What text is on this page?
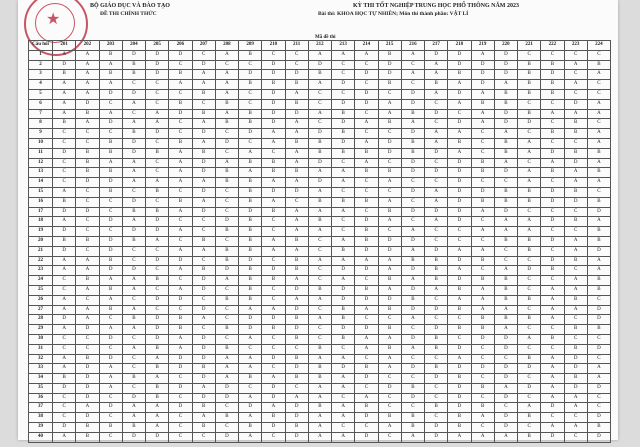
★
BỘ GIÁO DỤC VÀ ĐÀO TẠO
ĐỀ THI CHÍNH THỨC
KỲ THI TỐT NGHIỆP TRUNG HỌC PHỔ THÔNG NĂM 2023
Bài thi: KHOA HỌC TỰ NHIÊN; Môn thi thành phần: VẬT LÍ
Mã đề thi
Câu hỏi	201	202	203	204	205	206	207	208	209	210	211	212	213	214	215	216	217	218	219	220	221	222	223	224
1	A	A	B	D	D	D	C	A	B	C	C	A	A	A	B	A	D	D	A	D	C	C	C	C
2	D	A	A	B	D	C	D	C	C	D	C	D	C	C	D	C	A	D	D	D	B	B	A	B
3	B	A	B	B	D	B	A	A	D	D	D	B	C	D	D	A	A	B	D	D	B	D	C	A
4	A	A	A	C	C	A	A	A	B	B	B	A	D	C	B	C	B	A	D	A	B	B	A	C
5	A	A	D	D	C	C	B	A	C	D	A	C	C	D	C	D	A	D	A	B	B	B	C	C
6	A	D	C	A	C	B	C	B	C	D	B	C	D	D	A	D	C	A	B	B	C	C	D	A
7	A	B	A	C	A	D	B	A	B	D	D	A	B	C	A	B	D	C	A	D	B	A	A	A
8	B	A	D	A	A	C	A	B	B	D	A	C	D	A	B	A	C	D	A	D	D	C	B	C
9	C	C	C	B	D	C	D	C	D	A	A	D	B	C	C	D	A	A	C	A	C	B	B	A
10	C	C	B	D	C	B	A	D	C	A	B	B	D	A	D	B	A	B	C	B	A	C	C	A
11	D	B	B	D	B	A	B	C	A	C	A	B	B	B	D	B	D	A	C	B	A	D	B	B
12	C	B	A	A	C	A	D	A	B	B	A	D	C	A	C	D	C	D	B	A	C	A	D	A
13	C	B	B	A	C	A	D	B	A	B	B	A	A	B	B	D	D	D	B	D	A	B	A	B
14	C	D	D	A	A	A	A	B	B	A	A	D	A	C	A	C	C	D	C	C	A	C	A	A
15	A	C	B	C	B	C	D	C	B	D	D	A	C	C	C	D	A	D	D	B	B	D	B	C
16	B	C	C	D	C	B	A	C	B	A	C	B	B	B	A	C	A	D	B	B	B	D	D	B
17	D	D	C	B	B	A	D	C	D	B	A	A	A	C	B	D	D	D	A	D	C	C	C	D
18	A	C	D	A	D	C	C	D	B	C	A	B	C	D	A	C	A	D	C	A	A	D	B	A
19	D	C	C	D	D	A	C	B	B	C	A	A	C	B	C	A	C	C	A	A	A	C	C	B
20	B	B	D	B	A	C	B	C	B	A	B	C	A	B	D	D	C	C	C	B	B	D	A	B
21	D	C	D	C	C	A	A	B	B	A	A	C	B	D	D	A	D	A	A	C	B	C	A	D
22	A	A	B	C	D	D	C	B	D	C	B	A	A	A	A	B	B	D	B	C	C	D	B	A
23	A	A	D	D	C	A	B	D	B	D	B	C	D	D	A	D	B	A	C	A	D	B	C	A
24	C	B	A	A	B	C	D	A	B	B	A	C	A	C	B	A	B	D	B	B	C	C	A	B
25	C	A	B	A	C	A	D	C	B	C	D	B	D	B	A	D	A	B	A	B	C	A	A	B
26	A	C	A	C	D	D	C	B	B	C	A	A	D	D	D	B	C	A	A	B	B	A	B	C
27	A	A	B	A	C	C	D	C	A	A	D	C	B	A	B	D	D	B	A	A	C	A	A	D
28	D	A	C	B	D	B	A	C	D	D	B	A	B	C	C	A	C	C	B	B	B	A	C	D
29	A	D	A	A	D	B	C	B	D	B	D	C	D	D	B	C	D	B	B	A	C	C	B	B
30	C	C	D	C	D	A	D	C	A	C	B	C	B	A	A	D	B	C	D	D	A	B	C	C
31	C	C	C	A	B	A	D	B	C	C	C	B	C	A	B	A	B	D	C	D	C	C	B	D
32	A	B	D	C	A	D	D	A	A	D	B	A	A	C	A	C	C	A	C	C	B	A	D	C
33	A	D	A	C	B	D	B	A	A	C	D	B	D	B	A	D	B	D	D	D	D	A	D	A
34	B	D	A	B	A	C	D	A	B	A	B	B	A	D	C	C	D	B	C	D	C	A	B	A
35	D	D	A	C	B	D	A	D	C	D	C	A	A	C	D	B	C	D	B	A	D	A	D	D
36	C	D	C	D	B	C	D	D	A	D	A	A	C	A	C	D	C	D	C	D	C	A	A	C
37	C	A	D	A	A	D	B	C	D	A	D	B	A	B	C	C	B	D	B	C	A	D	A	C
38	C	D	C	A	A	C	A	B	A	B	D	A	A	D	B	B	C	B	A	D	B	C	C	D
39	D	B	B	B	A	C	B	C	B	D	B	A	C	C	A	B	D	B	C	D	C	A	A	B
40	A	B	C	D	D	C	C	D	A	C	D	A	A	D	C	A	D	A	A	A	B	D	C	D
